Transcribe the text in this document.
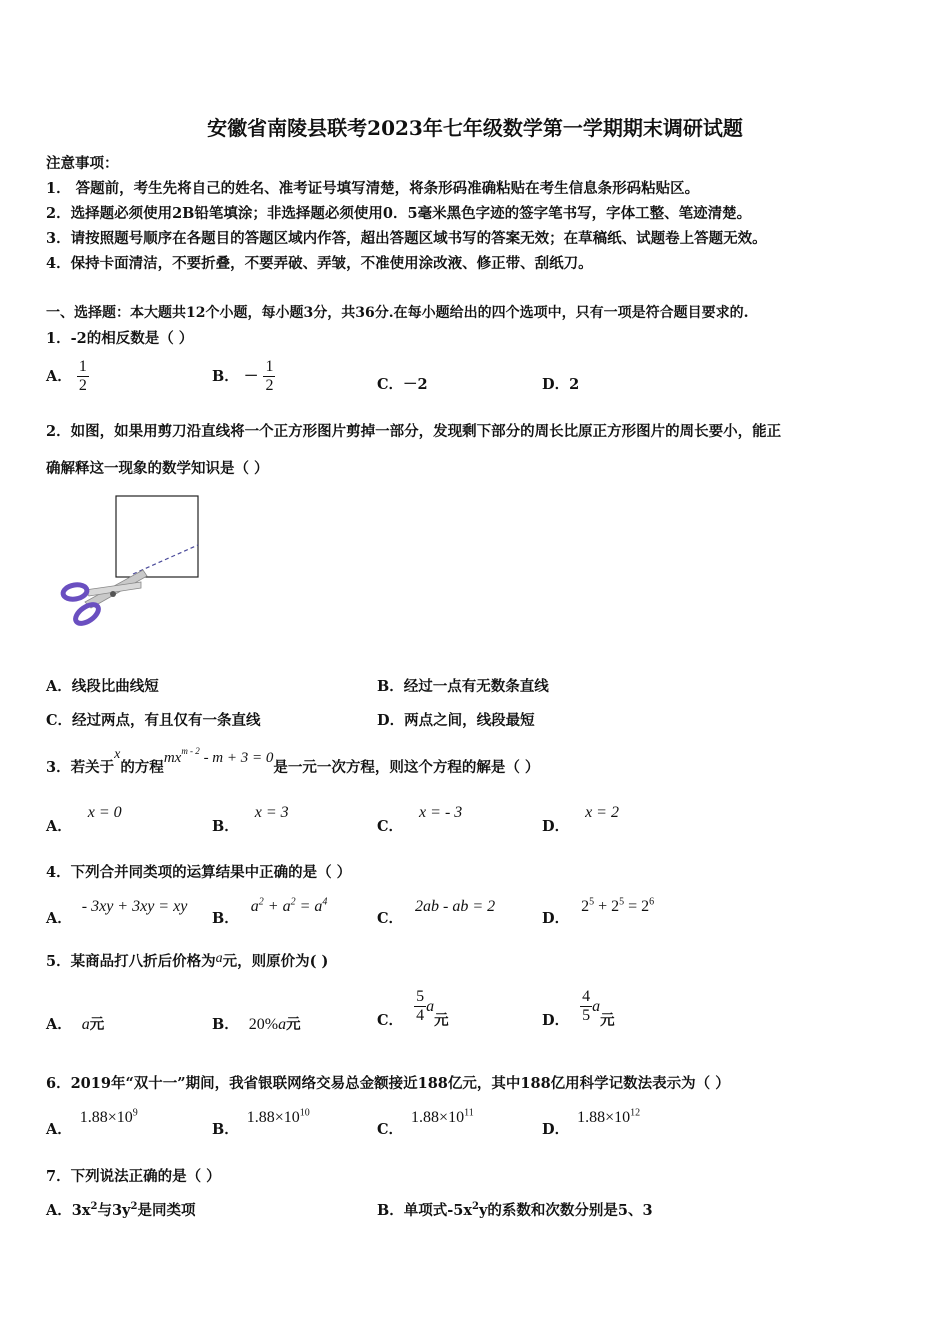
安徽省南陵县联考2023年七年级数学第一学期期末调研试题
注意事项：
1． 答题前，考生先将自己的姓名、准考证号填写清楚，将条形码准确粘贴在考生信息条形码粘贴区。
2．选择题必须使用2B铅笔填涂；非选择题必须使用0．5毫米黑色字迹的签字笔书写，字体工整、笔迹清楚。
3．请按照题号顺序在各题目的答题区域内作答，超出答题区域书写的答案无效；在草稿纸、试题卷上答题无效。
4．保持卡面清洁，不要折叠，不要弄破、弄皱，不准使用涂改液、修正带、刮纸刀。
一、选择题：本大题共12个小题，每小题3分，共36分.在每小题给出的四个选项中，只有一项是符合题目要求的.
1．-2的相反数是（ ）
A． $\frac{1}{2}$	B． － $\frac{1}{2}$	C．－2	D．2
2．如图，如果用剪刀沿直线将一个正方形图片剪掉一部分，发现剩下部分的周长比原正方形图片的周长要小，能正
确解释这一现象的数学知识是（ ）
A．线段比曲线短	B．经过一点有无数条直线
C．经过两点，有且仅有一条直线	D．两点之间，线段最短
3．若关于x的方程$mx^{m - 2} - m + 3 = 0$是一元一次方程，则这个方程的解是（ ）
A．x = 0
B．x = 3
C．x = - 3
D．x = 2
4．下列合并同类项的运算结果中正确的是（ ）
A．- 3xy + 3xy = xy
B．$a^2 + a^2 = a^4$
C．2ab - ab = 2
D．$2^5 + 2^5 = 2^6$
5．某商品打八折后价格为a元，则原价为( )
A． a元	B． 20%a元	C． $\frac{5}{4}$ a元	D． $\frac{4}{5}$ a元
6．2019年“双十一”期间，我省银联网络交易总金额接近188亿元，其中188亿用科学记数法表示为（ ）
A．$1.88\times 10^9$
B．$1.88\times 10^{10}$
C．$1.88\times 10^{11}$
D．$1.88\times 10^{12}$
7．下列说法正确的是（ ）
A．$3x^2$与$3y^2$是同类项	B．单项式$-5x^2y$的系数和次数分别是5、3
